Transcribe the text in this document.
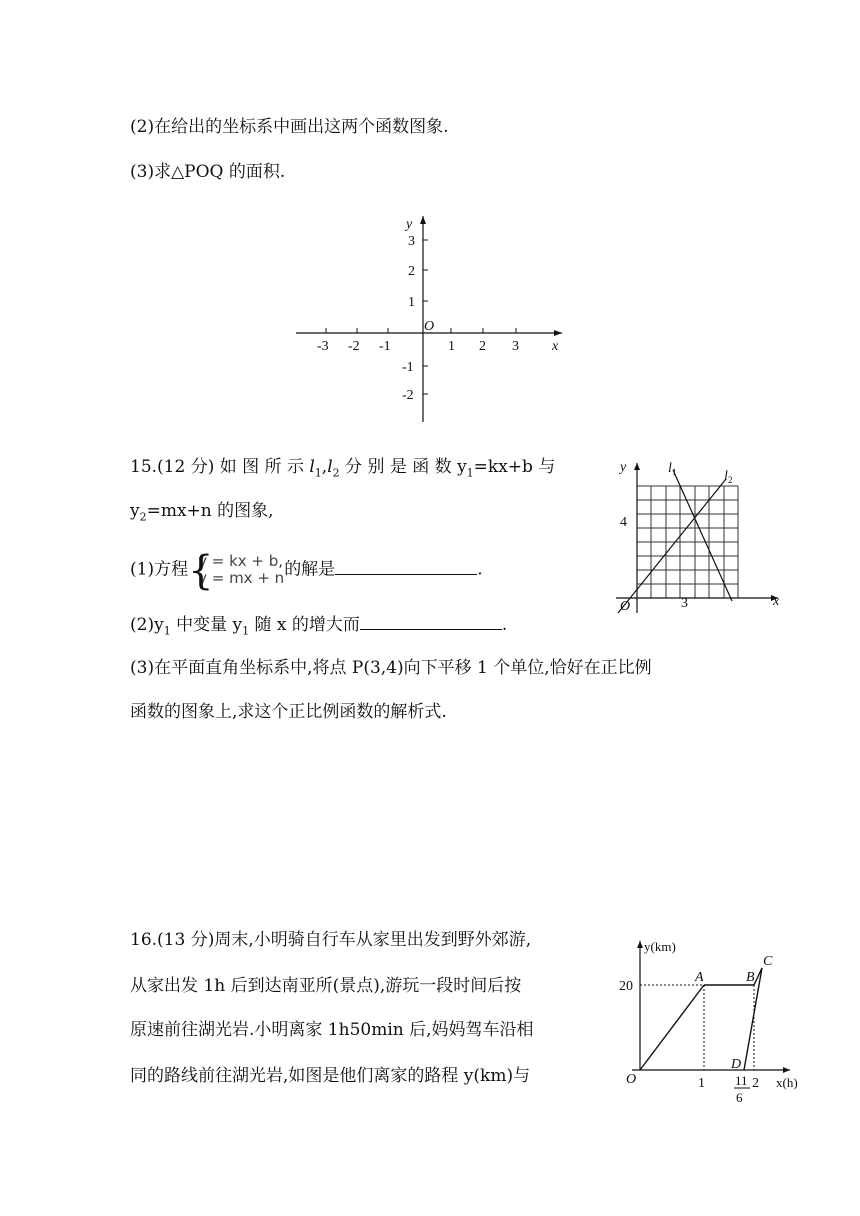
(2)在给出的坐标系中画出这两个函数图象.
(3)求△POQ 的面积.
-3 -2 -1	1 2 3 x
y
3
2
1
-1
-2
O
15.(12 分) 如 图 所 示 $l_1,l_2$ 分 别 是 函 数 $y_1=kx+b$ 与
$y_2=mx+n$ 的图象,
(1)方程 {
y = kx + b,
y = mx + n 的解是	.
$(2)y_1$ 中变量 $y_1$ 随 x 的增大而	.
(3)在平面直角坐标系中,将点 P(3,4)向下平移 1 个单位,恰好在正比例
函数的图象上,求这个正比例函数的解析式.
y
4
3	x
O
l 1	l 2
16.(13 分)周末,小明骑自行车从家里出发到野外郊游,
从家出发 1h 后到达南亚所(景点),游玩一段时间后按
原速前往湖光岩.小明离家 1h50min 后,妈妈驾车沿相
同的路线前往湖光岩,如图是他们离家的路程 y(km)与
y(km)
20
O	1 11 2 x(h)
A	B
C
D
6
